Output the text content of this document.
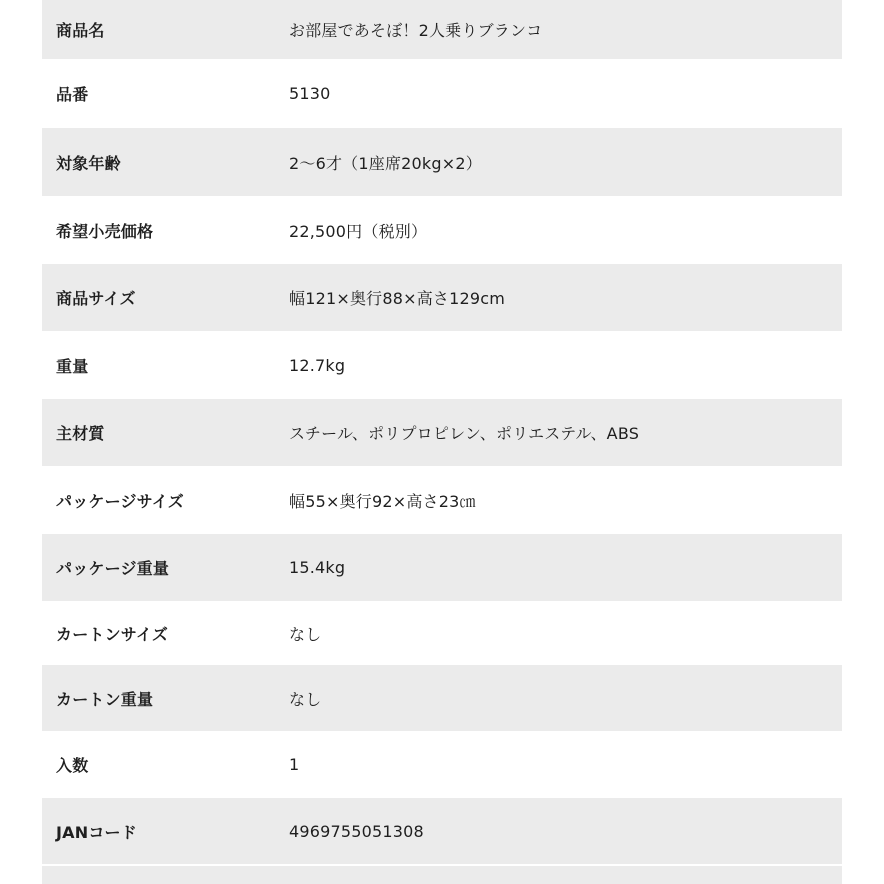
商品名	お部屋であそぼ！2人乗りブランコ
品番	5130
対象年齢	2〜6才（1座席20kg×2）
希望小売価格	22,500円（税別）
商品サイズ	幅121×奥行88×高さ129cm
重量	12.7kg
主材質	スチール、ポリプロピレン、ポリエステル、ABS
パッケージサイズ	幅55×奥行92×高さ23㎝
パッケージ重量	15.4kg
カートンサイズ	なし
カートン重量	なし
入数	1
JANコード	4969755051308
